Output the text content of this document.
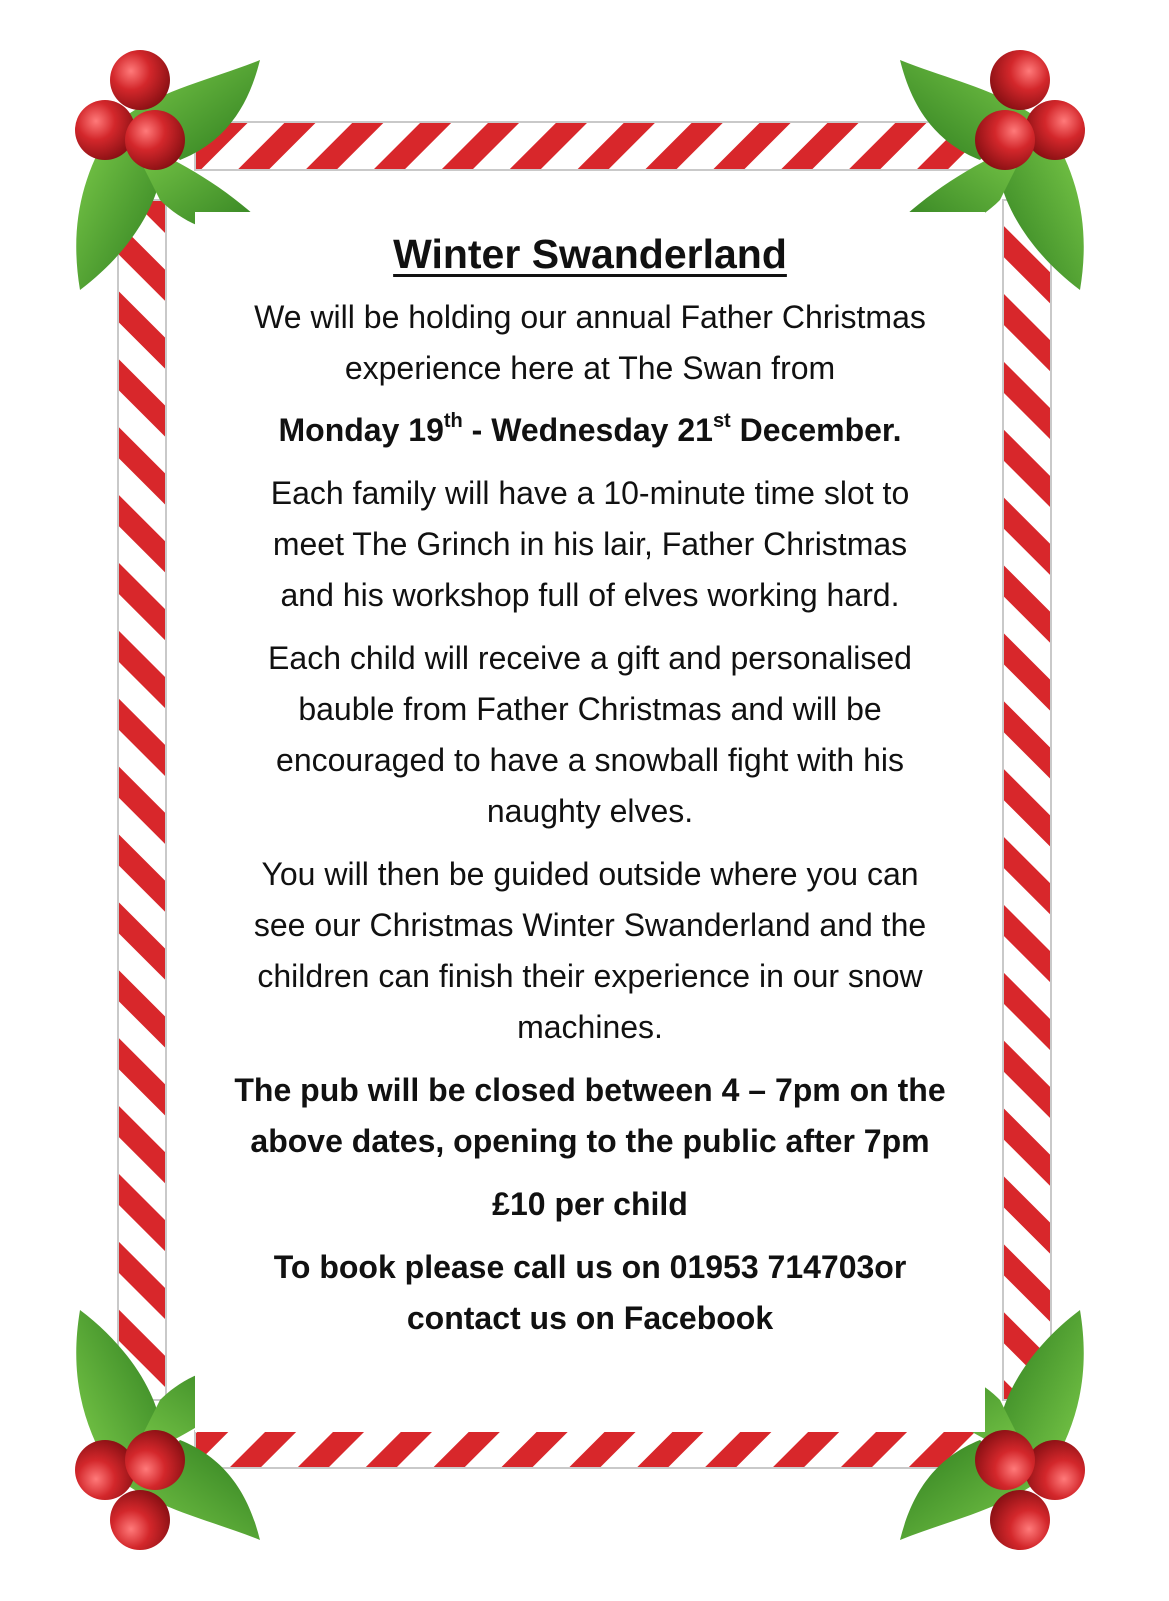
Winter Swanderland
We will be holding our annual Father Christmas
experience here at The Swan from
Monday 19th - Wednesday 21st December.
Each family will have a 10-minute time slot to
meet The Grinch in his lair, Father Christmas
and his workshop full of elves working hard.
Each child will receive a gift and personalised
bauble from Father Christmas and will be
encouraged to have a snowball fight with his
naughty elves.
You will then be guided outside where you can
see our Christmas Winter Swanderland and the
children can finish their experience in our snow
machines.
The pub will be closed between 4 – 7pm on the
above dates, opening to the public after 7pm
£10 per child
To book please call us on 01953 714703or
contact us on Facebook
